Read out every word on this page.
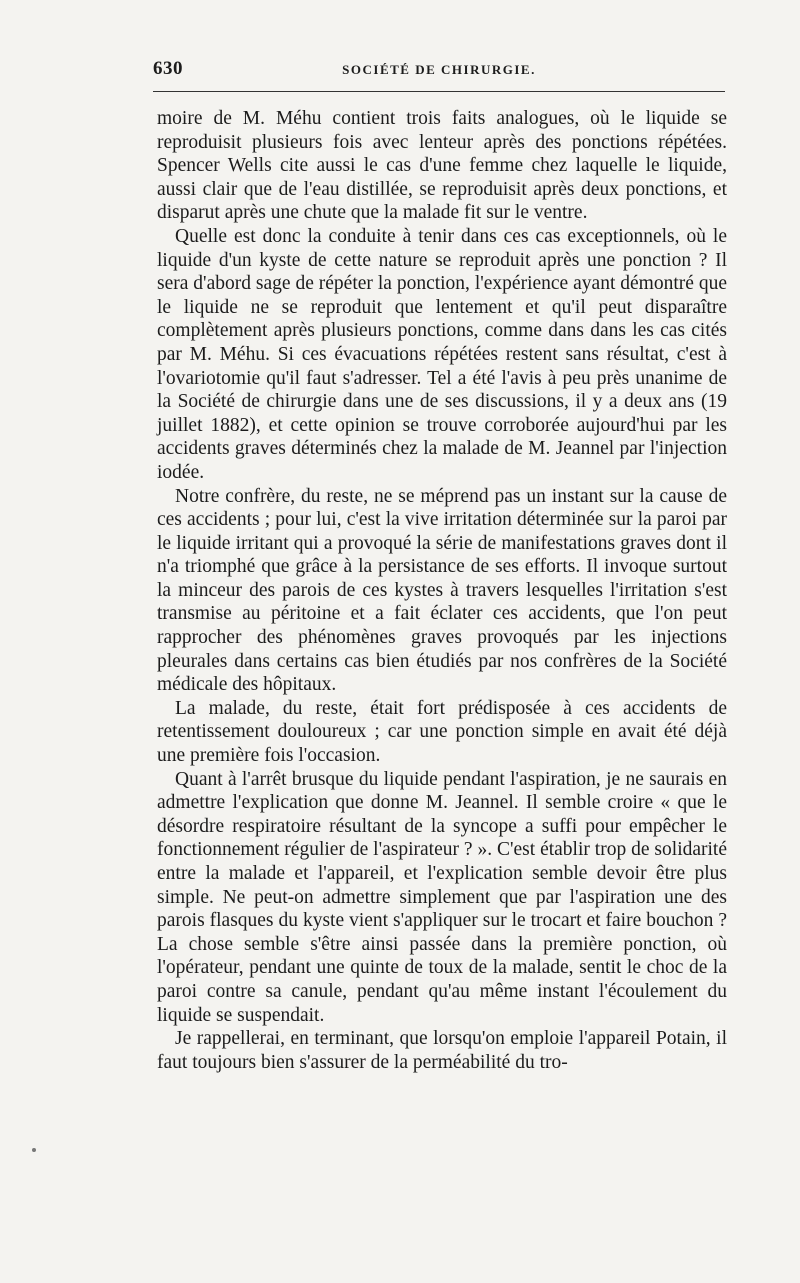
630	SOCIÉTÉ DE CHIRURGIE.

moire de M. Méhu contient trois faits analogues, où le liquide se reproduisit plusieurs fois avec lenteur après des ponctions répétées. Spencer Wells cite aussi le cas d'une femme chez laquelle le liquide, aussi clair que de l'eau distillée, se reproduisit après deux ponctions, et disparut après une chute que la malade fit sur le ventre.

Quelle est donc la conduite à tenir dans ces cas exceptionnels, où le liquide d'un kyste de cette nature se reproduit après une ponction ? Il sera d'abord sage de répéter la ponction, l'expérience ayant démontré que le liquide ne se reproduit que lentement et qu'il peut disparaître complètement après plusieurs ponctions, comme dans dans les cas cités par M. Méhu. Si ces évacuations répétées restent sans résultat, c'est à l'ovariotomie qu'il faut s'adresser. Tel a été l'avis à peu près unanime de la Société de chirurgie dans une de ses discussions, il y a deux ans (19 juillet 1882), et cette opinion se trouve corroborée aujourd'hui par les accidents graves déterminés chez la malade de M. Jeannel par l'injection iodée.

Notre confrère, du reste, ne se méprend pas un instant sur la cause de ces accidents ; pour lui, c'est la vive irritation déterminée sur la paroi par le liquide irritant qui a provoqué la série de manifestations graves dont il n'a triomphé que grâce à la persistance de ses efforts. Il invoque surtout la minceur des parois de ces kystes à travers lesquelles l'irritation s'est transmise au péritoine et a fait éclater ces accidents, que l'on peut rapprocher des phénomènes graves provoqués par les injections pleurales dans certains cas bien étudiés par nos confrères de la Société médicale des hôpitaux.

La malade, du reste, était fort prédisposée à ces accidents de retentissement douloureux ; car une ponction simple en avait été déjà une première fois l'occasion.

Quant à l'arrêt brusque du liquide pendant l'aspiration, je ne saurais en admettre l'explication que donne M. Jeannel. Il semble croire « que le désordre respiratoire résultant de la syncope a suffi pour empêcher le fonctionnement régulier de l'aspirateur ? ». C'est établir trop de solidarité entre la malade et l'appareil, et l'explication semble devoir être plus simple. Ne peut-on admettre simplement que par l'aspiration une des parois flasques du kyste vient s'appliquer sur le trocart et faire bouchon ? La chose semble s'être ainsi passée dans la première ponction, où l'opérateur, pendant une quinte de toux de la malade, sentit le choc de la paroi contre sa canule, pendant qu'au même instant l'écoulement du liquide se suspendait.

Je rappellerai, en terminant, que lorsqu'on emploie l'appareil Potain, il faut toujours bien s'assurer de la perméabilité du tro-
